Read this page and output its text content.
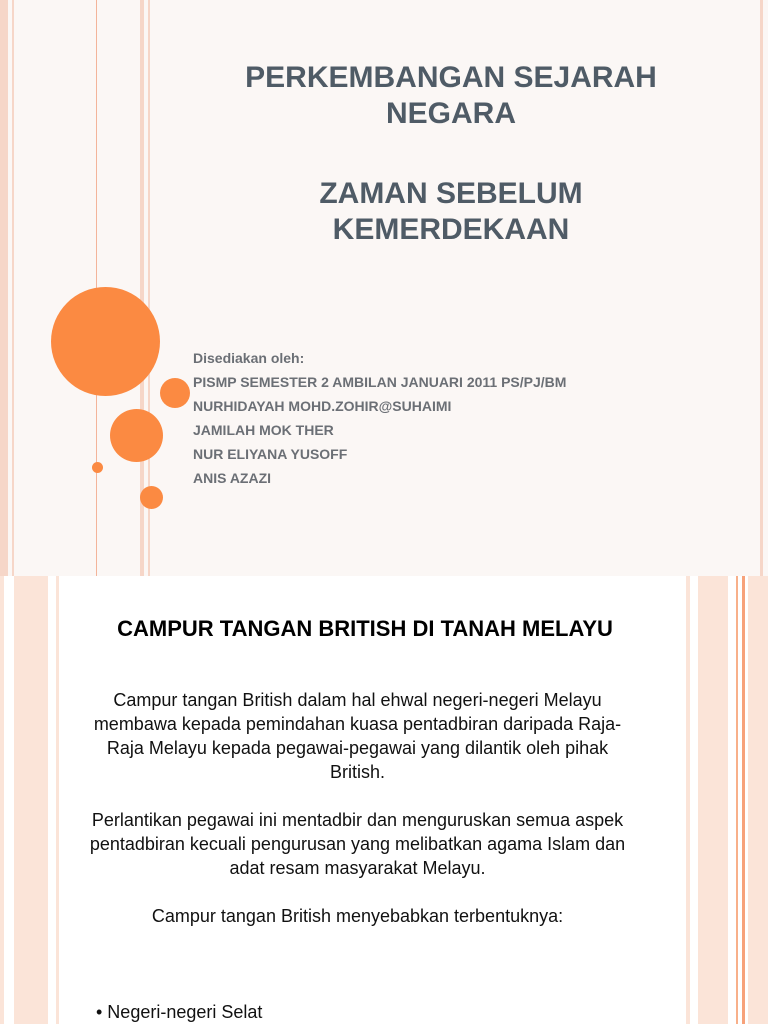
PERKEMBANGAN SEJARAH NEGARA
ZAMAN SEBELUM KEMERDEKAAN
Disediakan oleh:
PISMP SEMESTER 2 AMBILAN JANUARI 2011 PS/PJ/BM
NURHIDAYAH MOHD.ZOHIR@SUHAIMI
JAMILAH MOK THER
NUR ELIYANA YUSOFF
ANIS AZAZI
CAMPUR TANGAN BRITISH DI TANAH MELAYU

Campur tangan British dalam hal ehwal negeri-negeri Melayu membawa kepada pemindahan kuasa pentadbiran daripada Raja-Raja Melayu kepada pegawai-pegawai yang dilantik oleh pihak British.

Perlantikan pegawai ini mentadbir dan menguruskan semua aspek pentadbiran kecuali pengurusan yang melibatkan agama Islam dan adat resam masyarakat Melayu.

Campur tangan British menyebabkan terbentuknya:

• Negeri-negeri Selat
